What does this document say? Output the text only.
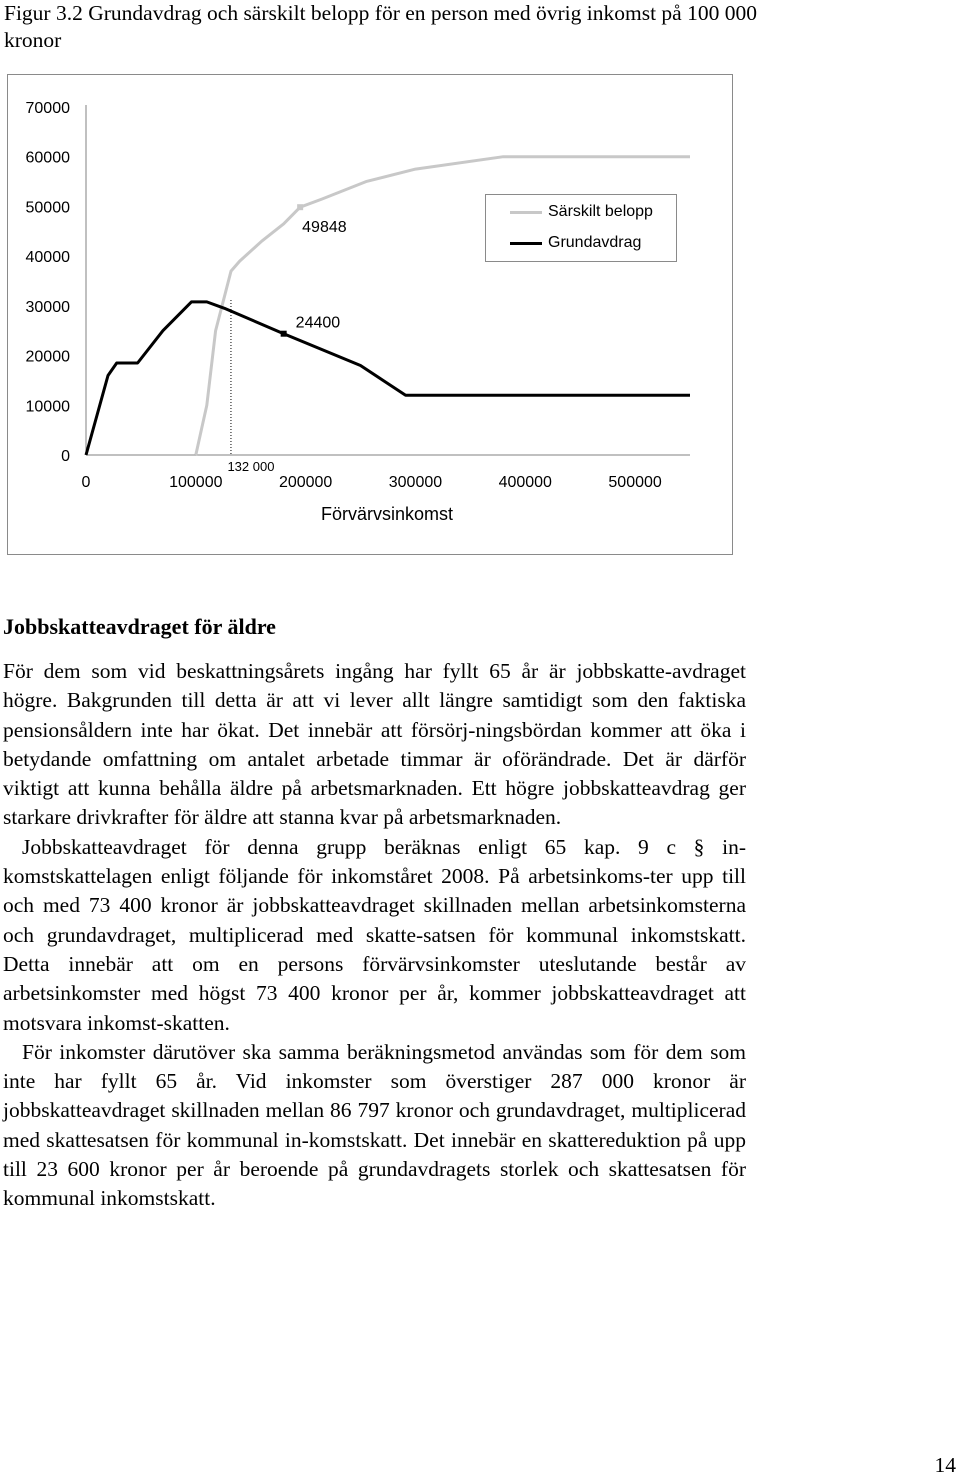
Figur 3.2 Grundavdrag och särskilt belopp för en person med övrig inkomst på 100 000 kronor
0
10000
20000
30000
40000
50000
60000
70000
0	100000	200000	300000	400000	500000
49848
24400
132 000
Förvärvsinkomst
Särskilt belopp
Grundavdrag
Jobbskatteavdraget för äldre

För dem som vid beskattningsårets ingång har fyllt 65 år är jobbskatte-avdraget högre. Bakgrunden till detta är att vi lever allt längre samtidigt som den faktiska pensionsåldern inte har ökat. Det innebär att försörj-ningsbördan kommer att öka i betydande omfattning om antalet arbetade timmar är oförändrade. Det är därför viktigt att kunna behålla äldre på arbetsmarknaden. Ett högre jobbskatteavdrag ger starkare drivkrafter för äldre att stanna kvar på arbetsmarknaden.

Jobbskatteavdraget för denna grupp beräknas enligt 65 kap. 9 c § in-komstskattelagen enligt följande för inkomståret 2008. På arbetsinkoms-ter upp till och med 73 400 kronor är jobbskatteavdraget skillnaden mellan arbetsinkomsterna och grundavdraget, multiplicerad med skatte-satsen för kommunal inkomstskatt. Detta innebär att om en persons förvärvsinkomster uteslutande består av arbetsinkomster med högst 73 400 kronor per år, kommer jobbskatteavdraget att motsvara inkomst-skatten.

För inkomster därutöver ska samma beräkningsmetod användas som för dem som inte har fyllt 65 år. Vid inkomster som överstiger 287 000 kronor är jobbskatteavdraget skillnaden mellan 86 797 kronor och grundavdraget, multiplicerad med skattesatsen för kommunal in-komstskatt. Det innebär en skattereduktion på upp till 23 600 kronor per år beroende på grundavdragets storlek och skattesatsen för kommunal inkomstskatt.

14
